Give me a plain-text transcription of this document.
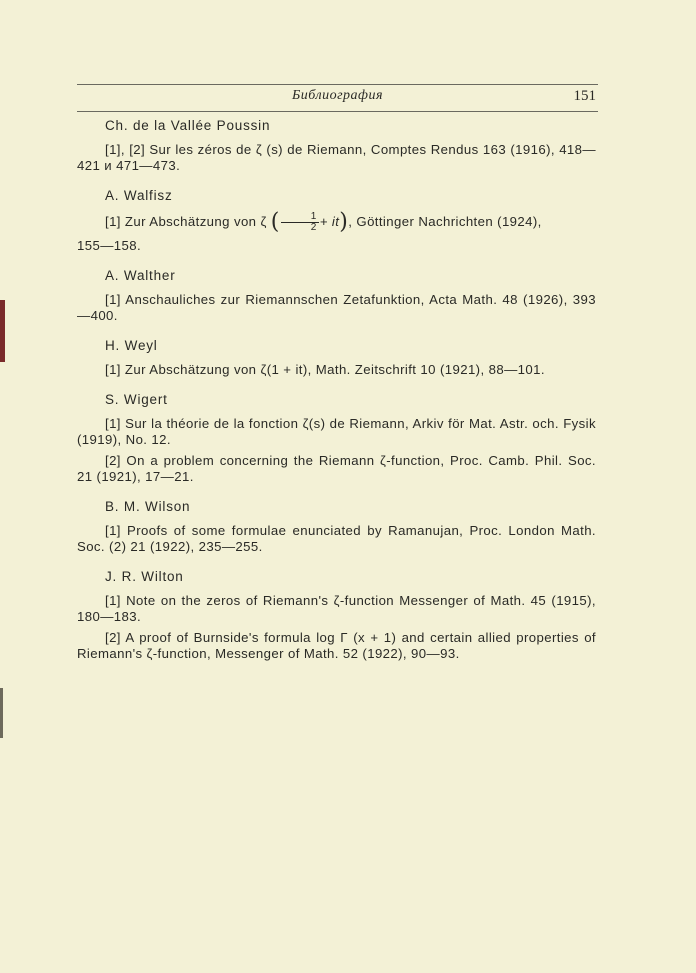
Библиография	151
Ch. de la Vallée Poussin

[1], [2] Sur les zéros de ζ (s) de Riemann, Comptes Rendus 163 (1916), 418—421 и 471—473.

A. Walfisz

[1] Zur Abschätzung von ζ ( $\frac{1}{2} + it$), Göttinger Nachrichten (1924),

155—158.

A. Walther

[1] Anschauliches zur Riemannschen Zetafunktion, Acta Math. 48 (1926), 393—400.

H. Weyl

[1] Zur Abschätzung von ζ(1 + it), Math. Zeitschrift 10 (1921), 88—101.

S. Wigert

[1] Sur la théorie de la fonction ζ(s) de Riemann, Arkiv för Mat. Astr. och. Fysik (1919), No. 12.

[2] On a problem concerning the Riemann ζ-function, Proc. Camb. Phil. Soc. 21 (1921), 17—21.

B. M. Wilson

[1] Proofs of some formulae enunciated by Ramanujan, Proc. London Math. Soc. (2) 21 (1922), 235—255.

J. R. Wilton

[1] Note on the zeros of Riemann's ζ-function Messenger of Math. 45 (1915), 180—183.

[2] A proof of Burnside's formula log Γ (x + 1) and certain allied properties of Riemann's ζ-function, Messenger of Math. 52 (1922), 90—93.
